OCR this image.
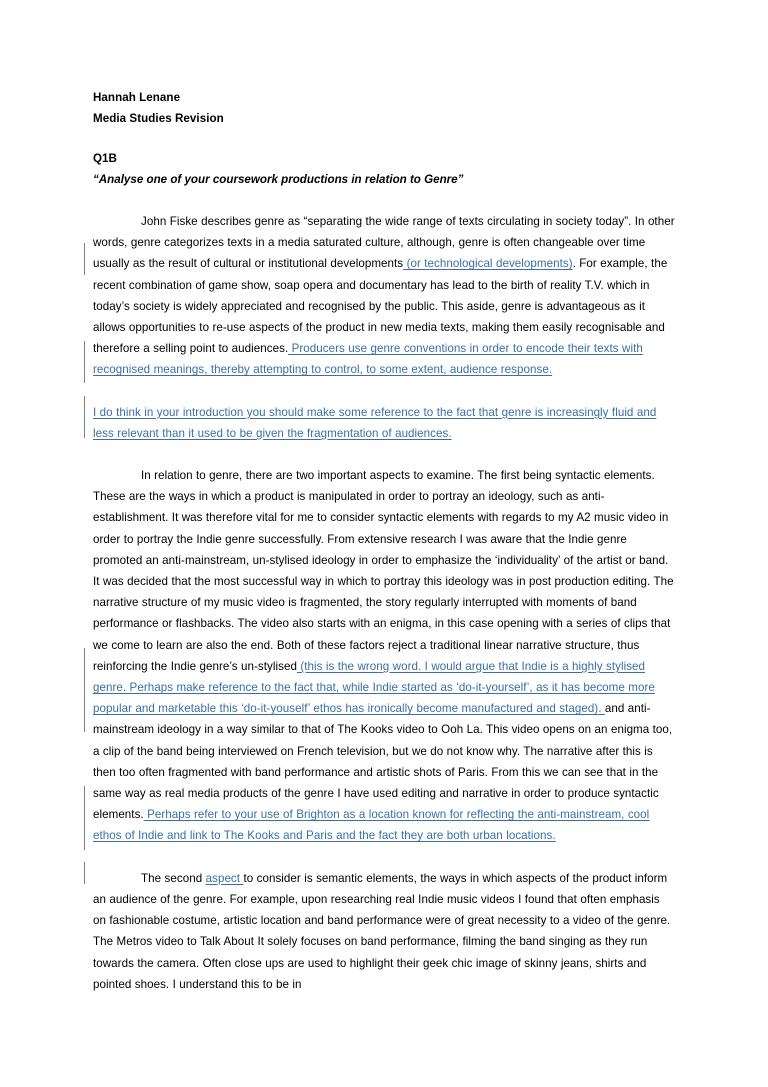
Hannah Lenane
Media Studies Revision
Q1B
“Analyse one of your coursework productions in relation to Genre”

John Fiske describes genre as “separating the wide range of texts circulating in society today”. In other words, genre categorizes texts in a media saturated culture, although, genre is often changeable over time usually as the result of cultural or institutional developments (or technological developments). For example, the recent combination of game show, soap opera and documentary has lead to the birth of reality T.V. which in today’s society is widely appreciated and recognised by the public. This aside, genre is advantageous as it allows opportunities to re-use aspects of the product in new media texts, making them easily recognisable and therefore a selling point to audiences. Producers use genre conventions in order to encode their texts with recognised meanings, thereby attempting to control, to some extent, audience response.

I do think in your introduction you should make some reference to the fact that genre is increasingly fluid and less relevant than it used to be given the fragmentation of audiences.

In relation to genre, there are two important aspects to examine. The first being syntactic elements. These are the ways in which a product is manipulated in order to portray an ideology, such as anti-establishment. It was therefore vital for me to consider syntactic elements with regards to my A2 music video in order to portray the Indie genre successfully. From extensive research I was aware that the Indie genre promoted an anti-mainstream, un-stylised ideology in order to emphasize the ‘individuality’ of the artist or band. It was decided that the most successful way in which to portray this ideology was in post production editing. The narrative structure of my music video is fragmented, the story regularly interrupted with moments of band performance or flashbacks. The video also starts with an enigma, in this case opening with a series of clips that we come to learn are also the end. Both of these factors reject a traditional linear narrative structure, thus reinforcing the Indie genre’s un-stylised (this is the wrong word. I would argue that Indie is a highly stylised genre. Perhaps make reference to the fact that, while Indie started as ‘do-it-yourself’, as it has become more popular and marketable this ‘do-it-youself’ ethos has ironically become manufactured and staged). and anti-mainstream ideology in a way similar to that of The Kooks video to Ooh La. This video opens on an enigma too, a clip of the band being interviewed on French television, but we do not know why. The narrative after this is then too often fragmented with band performance and artistic shots of Paris. From this we can see that in the same way as real media products of the genre I have used editing and narrative in order to produce syntactic elements. Perhaps refer to your use of Brighton as a location known for reflecting the anti-mainstream, cool ethos of Indie and link to The Kooks and Paris and the fact they are both urban locations.

The second aspect to consider is semantic elements, the ways in which aspects of the product inform an audience of the genre. For example, upon researching real Indie music videos I found that often emphasis on fashionable costume, artistic location and band performance were of great necessity to a video of the genre. The Metros video to Talk About It solely focuses on band performance, filming the band singing as they run towards the camera. Often close ups are used to highlight their geek chic image of skinny jeans, shirts and pointed shoes. I understand this to be in
